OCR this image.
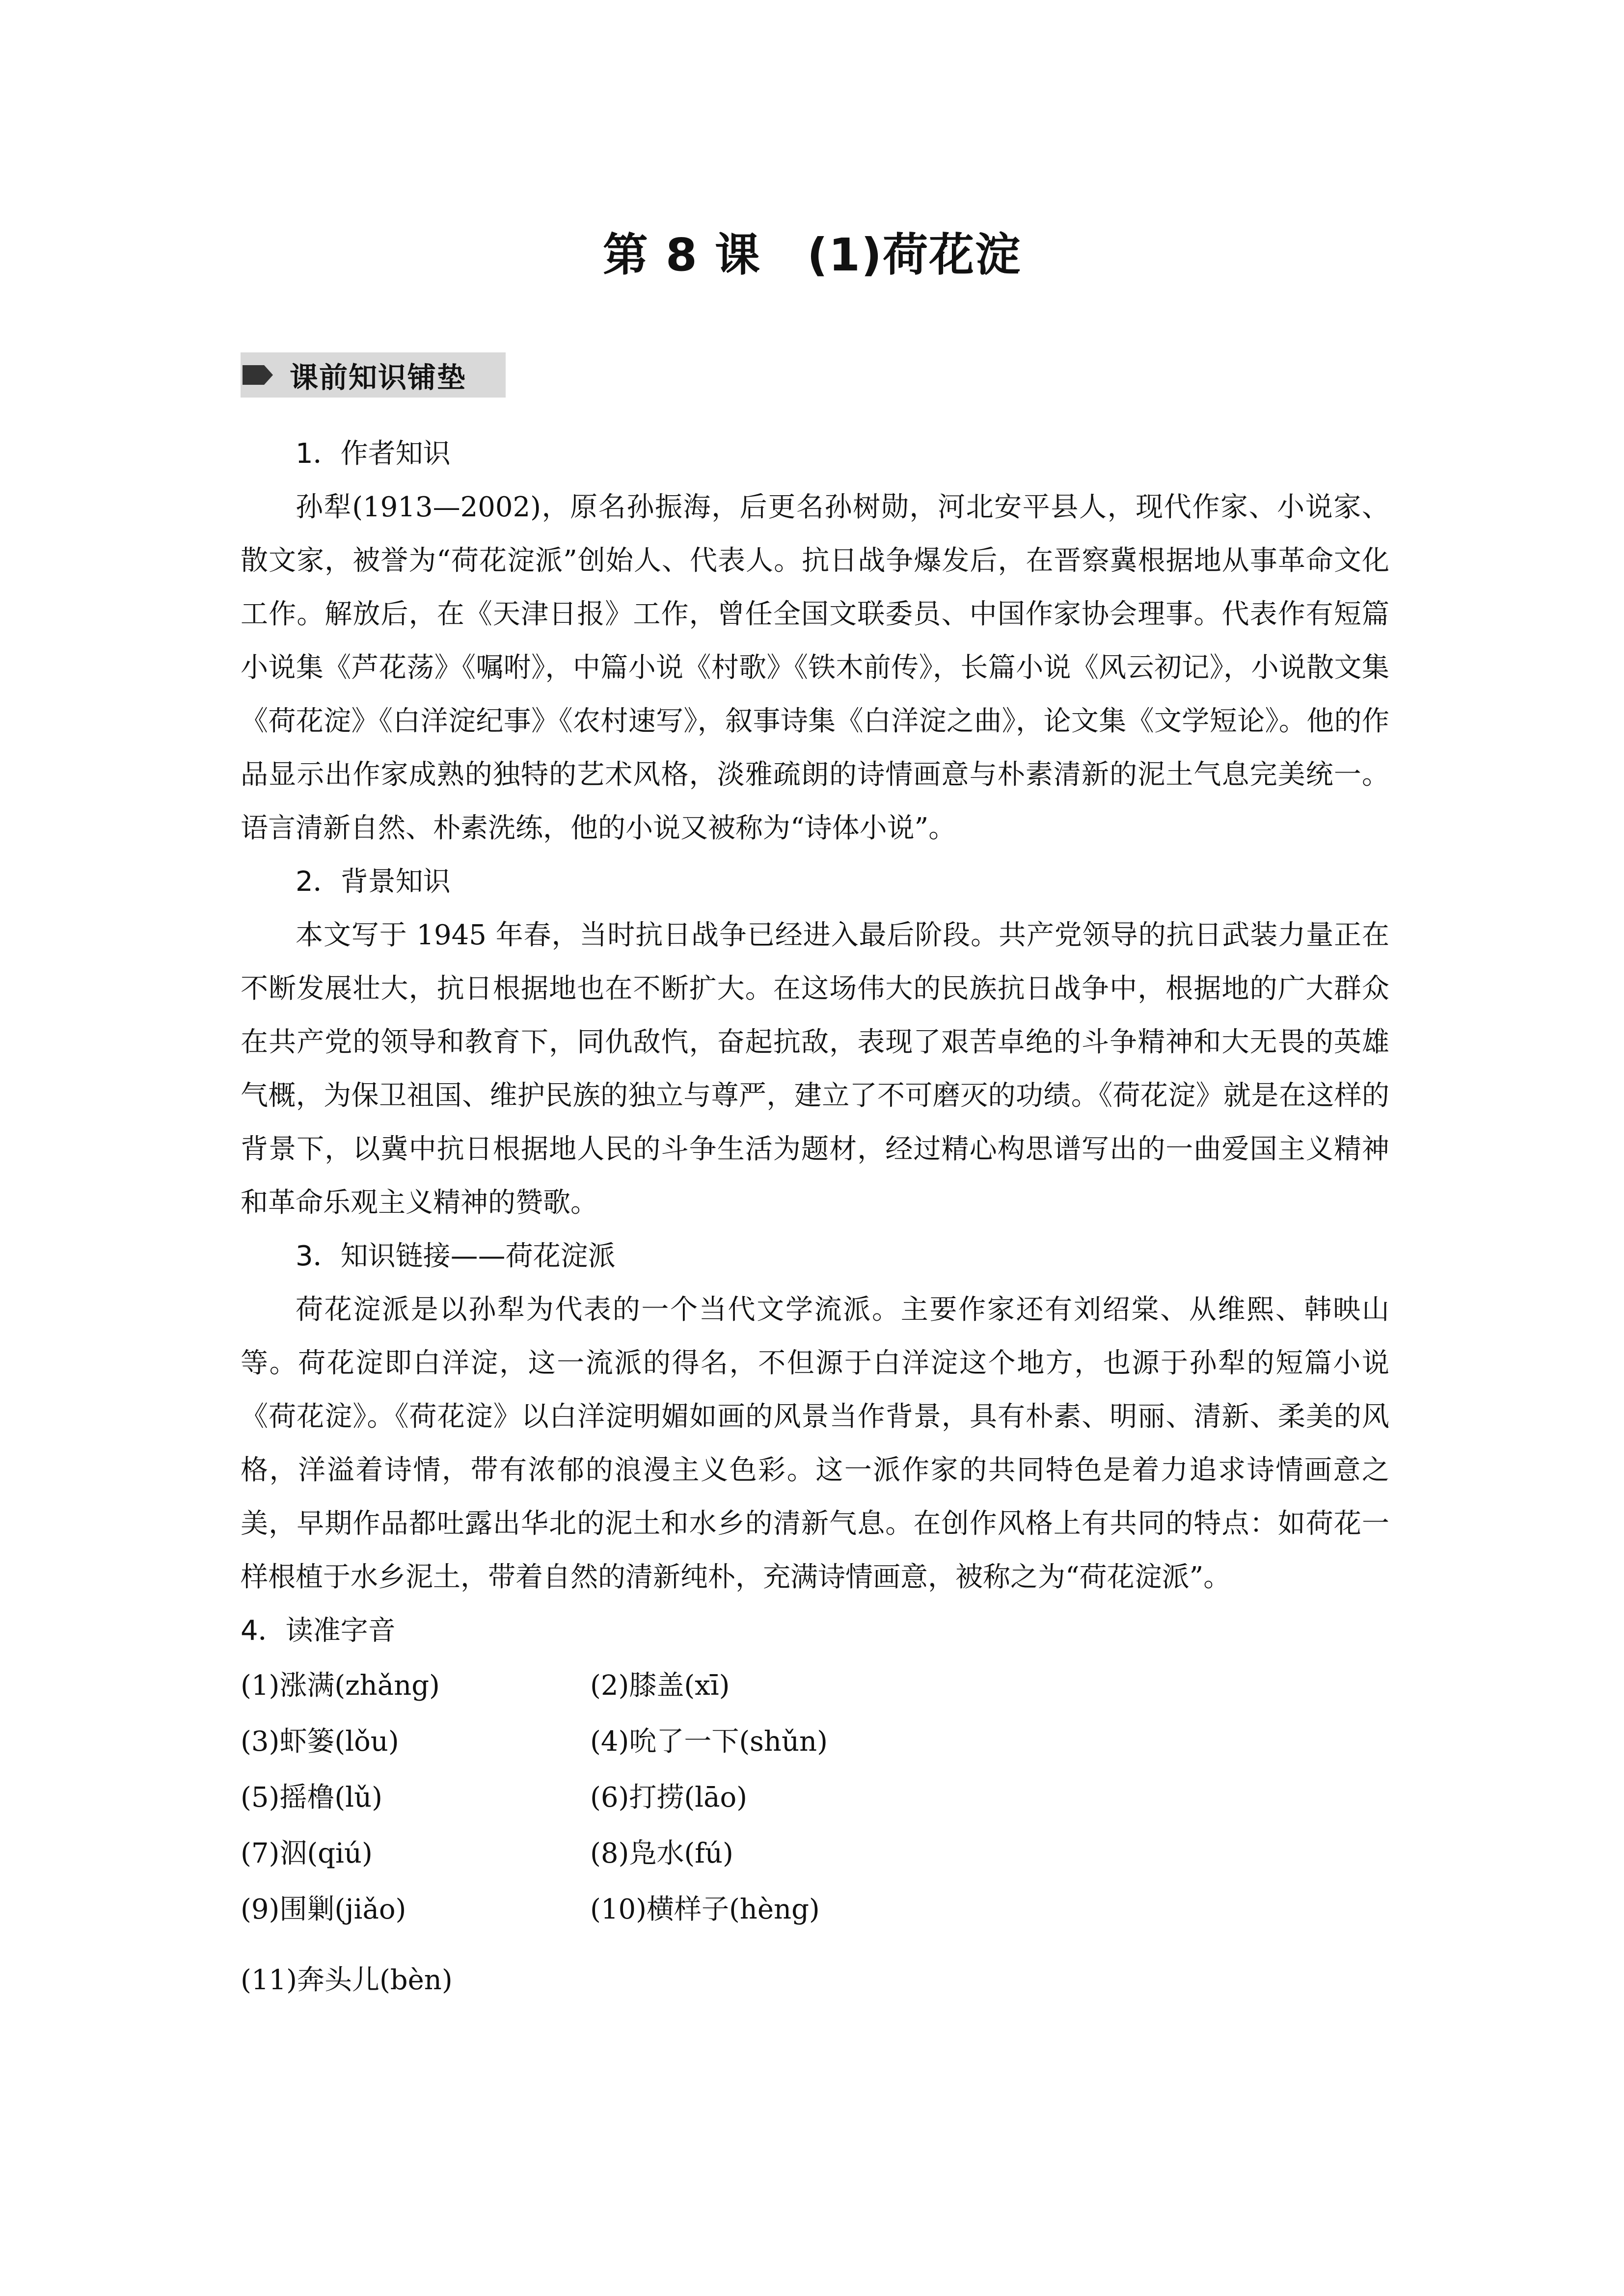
第 8 课　(1)荷花淀
课前知识铺垫
1．作者知识

孙犁(1913—2002)，原名孙振海，后更名孙树勋，河北安平县人，现代作家、小说家、散文家，被誉为“荷花淀派”创始人、代表人。抗日战争爆发后，在晋察冀根据地从事革命文化工作。解放后，在《天津日报》工作，曾任全国文联委员、中国作家协会理事。代表作有短篇小说集《芦花荡》《嘱咐》，中篇小说《村歌》《铁木前传》，长篇小说《风云初记》，小说散文集《荷花淀》《白洋淀纪事》《农村速写》，叙事诗集《白洋淀之曲》，论文集《文学短论》。他的作品显示出作家成熟的独特的艺术风格，淡雅疏朗的诗情画意与朴素清新的泥土气息完美统一。语言清新自然、朴素洗练，他的小说又被称为“诗体小说”。

2．背景知识

本文写于 1945 年春，当时抗日战争已经进入最后阶段。共产党领导的抗日武装力量正在不断发展壮大，抗日根据地也在不断扩大。在这场伟大的民族抗日战争中，根据地的广大群众在共产党的领导和教育下，同仇敌忾，奋起抗敌，表现了艰苦卓绝的斗争精神和大无畏的英雄气概，为保卫祖国、维护民族的独立与尊严，建立了不可磨灭的功绩。《荷花淀》就是在这样的背景下，以冀中抗日根据地人民的斗争生活为题材，经过精心构思谱写出的一曲爱国主义精神和革命乐观主义精神的赞歌。

3．知识链接——荷花淀派

荷花淀派是以孙犁为代表的一个当代文学流派。主要作家还有刘绍棠、从维熙、韩映山等。荷花淀即白洋淀，这一流派的得名，不但源于白洋淀这个地方，也源于孙犁的短篇小说《荷花淀》。《荷花淀》以白洋淀明媚如画的风景当作背景，具有朴素、明丽、清新、柔美的风格，洋溢着诗情，带有浓郁的浪漫主义色彩。这一派作家的共同特色是着力追求诗情画意之美，早期作品都吐露出华北的泥土和水乡的清新气息。在创作风格上有共同的特点：如荷花一样根植于水乡泥土，带着自然的清新纯朴，充满诗情画意，被称之为“荷花淀派”。

4．读准字音
(1)涨满(zhǎng)	(2)膝盖(xī)
(3)虾篓(lǒu)	(4)吮了一下(shǔn)
(5)摇橹(lǔ)	(6)打捞(lāo)
(7)泅(qiú)	(8)凫水(fú)
(9)围剿(jiǎo)	(10)横样子(hèng)
(11)奔头儿(bèn)
